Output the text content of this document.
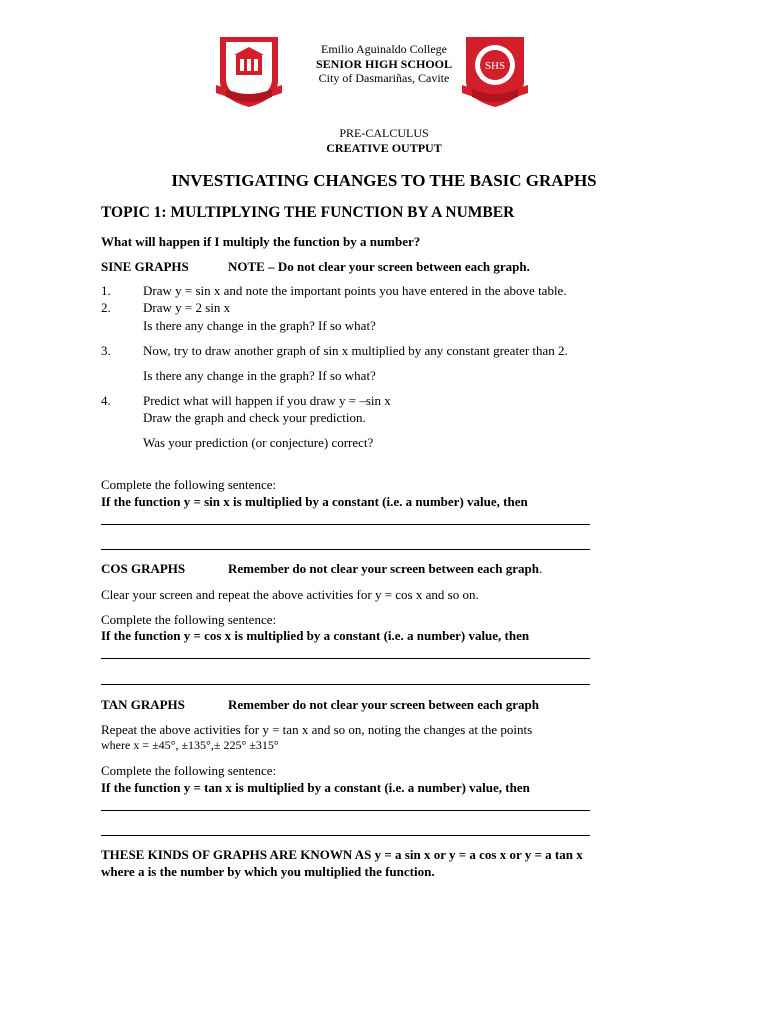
Emilio Aguinaldo College
SENIOR HIGH SCHOOL
City of Dasmariñas, Cavite
SHS
PRE-CALCULUS
CREATIVE OUTPUT
INVESTIGATING CHANGES TO THE BASIC GRAPHS
TOPIC 1: MULTIPLYING THE FUNCTION BY A NUMBER
What will happen if I multiply the function by a number?
SINE GRAPHS	NOTE – Do not clear your screen between each graph.
1. Draw y = sin x and note the important points you have entered in the above table.
2. Draw y = 2 sin x
Is there any change in the graph? If so what?
3. Now, try to draw another graph of sin x multiplied by any constant greater than 2.
Is there any change in the graph? If so what?
4. Predict what will happen if you draw y = –sin x
Draw the graph and check your prediction.
Was your prediction (or conjecture) correct?
Complete the following sentence:
If the function y = sin x is multiplied by a constant (i.e. a number) value, then
COS GRAPHS	Remember do not clear your screen between each graph.
Clear your screen and repeat the above activities for y = cos x and so on.
Complete the following sentence:
If the function y = cos x is multiplied by a constant (i.e. a number) value, then
TAN GRAPHS	Remember do not clear your screen between each graph
Repeat the above activities for y = tan x and so on, noting the changes at the points
where x = ±45°, ±135°,± 225° ±315°
Complete the following sentence:
If the function y = tan x is multiplied by a constant (i.e. a number) value, then
THESE KINDS OF GRAPHS ARE KNOWN AS y = a sin x or y = a cos x or y = a tan x
where a is the number by which you multiplied the function.
